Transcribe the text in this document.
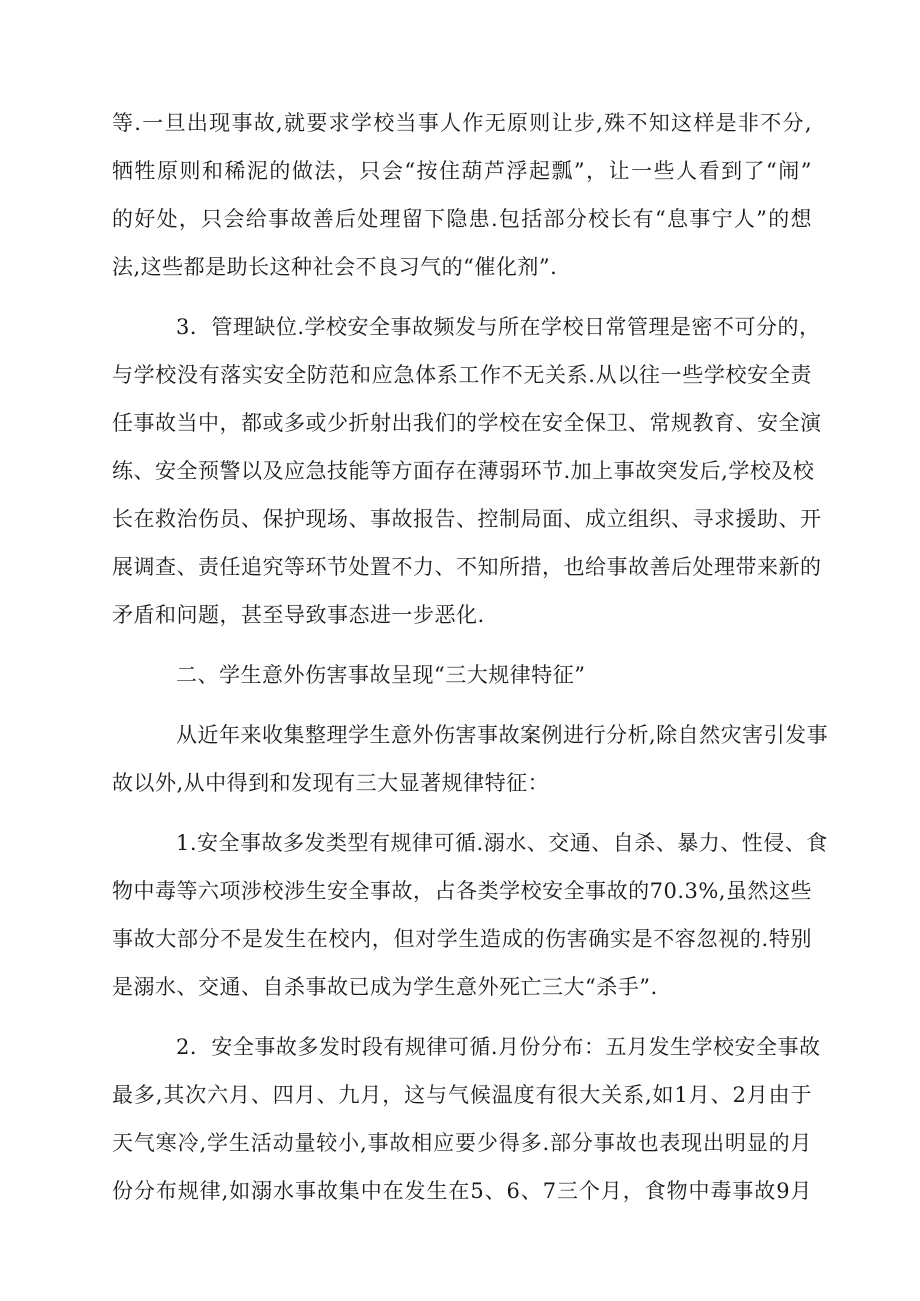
等.一旦出现事故,就要求学校当事人作无原则让步,殊不知这样是非不分,
牺牲原则和稀泥的做法，只会“按住葫芦浮起瓢”，让一些人看到了“闹”
的好处，只会给事故善后处理留下隐患.包括部分校长有“息事宁人”的想
法,这些都是助长这种社会不良习气的“催化剂”.
3．管理缺位.学校安全事故频发与所在学校日常管理是密不可分的，
与学校没有落实安全防范和应急体系工作不无关系.从以往一些学校安全责
任事故当中，都或多或少折射出我们的学校在安全保卫、常规教育、安全演
练、安全预警以及应急技能等方面存在薄弱环节.加上事故突发后,学校及校
长在救治伤员、保护现场、事故报告、控制局面、成立组织、寻求援助、开
展调查、责任追究等环节处置不力、不知所措，也给事故善后处理带来新的
矛盾和问题，甚至导致事态进一步恶化.
二、学生意外伤害事故呈现“三大规律特征”
从近年来收集整理学生意外伤害事故案例进行分析,除自然灾害引发事
故以外,从中得到和发现有三大显著规律特征：
1.安全事故多发类型有规律可循.溺水、交通、自杀、暴力、性侵、食
物中毒等六项涉校涉生安全事故，占各类学校安全事故的70.3%,虽然这些
事故大部分不是发生在校内，但对学生造成的伤害确实是不容忽视的.特别
是溺水、交通、自杀事故已成为学生意外死亡三大“杀手”.
2．安全事故多发时段有规律可循.月份分布：五月发生学校安全事故
最多,其次六月、四月、九月，这与气候温度有很大关系,如1月、2月由于
天气寒冷,学生活动量较小,事故相应要少得多.部分事故也表现出明显的月
份分布规律,如溺水事故集中在发生在5、6、7三个月，食物中毒事故9月
